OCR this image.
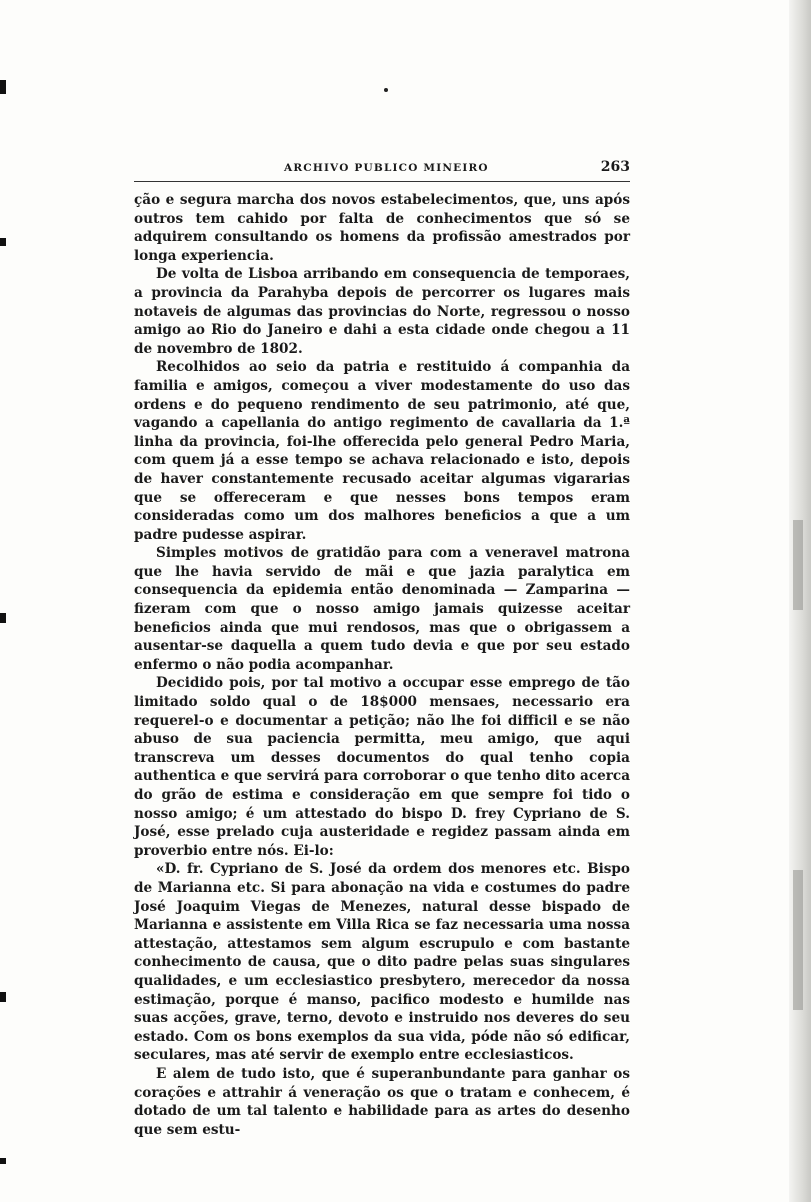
ARCHIVO PUBLICO MINEIRO	263

ção e segura marcha dos novos estabelecimentos, que, uns após outros tem cahido por falta de conhecimentos que só se adquirem consultando os homens da profissão amestrados por longa experiencia.

De volta de Lisboa arribando em consequencia de temporaes, a provincia da Parahyba depois de percorrer os lugares mais notaveis de algumas das provincias do Norte, regressou o nosso amigo ao Rio do Janeiro e dahi a esta cidade onde chegou a 11 de novembro de 1802.

Recolhidos ao seio da patria e restituido á companhia da familia e amigos, começou a viver modestamente do uso das ordens e do pequeno rendimento de seu patrimonio, até que, vagando a capellania do antigo regimento de cavallaria da 1.ª linha da provincia, foi-lhe offerecida pelo general Pedro Maria, com quem já a esse tempo se achava relacionado e isto, depois de haver constantemente recusado aceitar algumas vigararias que se offereceram e que nesses bons tempos eram consideradas como um dos malhores beneficios a que a um padre pudesse aspirar.

Simples motivos de gratidão para com a veneravel matrona que lhe havia servido de mãi e que jazia paralytica em consequencia da epidemia então denominada — Zamparina — fizeram com que o nosso amigo jamais quizesse aceitar beneficios ainda que mui rendosos, mas que o obrigassem a ausentar-se daquella a quem tudo devia e que por seu estado enfermo o não podia acompanhar.

Decidido pois, por tal motivo a occupar esse emprego de tão limitado soldo qual o de 18$000 mensaes, necessario era requerel-o e documentar a petição; não lhe foi difficil e se não abuso de sua paciencia permitta, meu amigo, que aqui transcreva um desses documentos do qual tenho copia authentica e que servirá para corroborar o que tenho dito acerca do grão de estima e consideração em que sempre foi tido o nosso amigo; é um attestado do bispo D. frey Cypriano de S. José, esse prelado cuja austeridade e regidez passam ainda em proverbio entre nós. Ei-lo:

«D. fr. Cypriano de S. José da ordem dos menores etc. Bispo de Marianna etc. Si para abonação na vida e costumes do padre José Joaquim Viegas de Menezes, natural desse bispado de Marianna e assistente em Villa Rica se faz necessaria uma nossa attestação, attestamos sem algum escrupulo e com bastante conhecimento de causa, que o dito padre pelas suas singulares qualidades, e um ecclesiastico presbytero, merecedor da nossa estimação, porque é manso, pacifico modesto e humilde nas suas acções, grave, terno, devoto e instruido nos deveres do seu estado. Com os bons exemplos da sua vida, póde não só edificar, seculares, mas até servir de exemplo entre ecclesiasticos.

E alem de tudo isto, que é superanbundante para ganhar os corações e attrahir á veneração os que o tratam e conhecem, é dotado de um tal talento e habilidade para as artes do desenho que sem estu-
